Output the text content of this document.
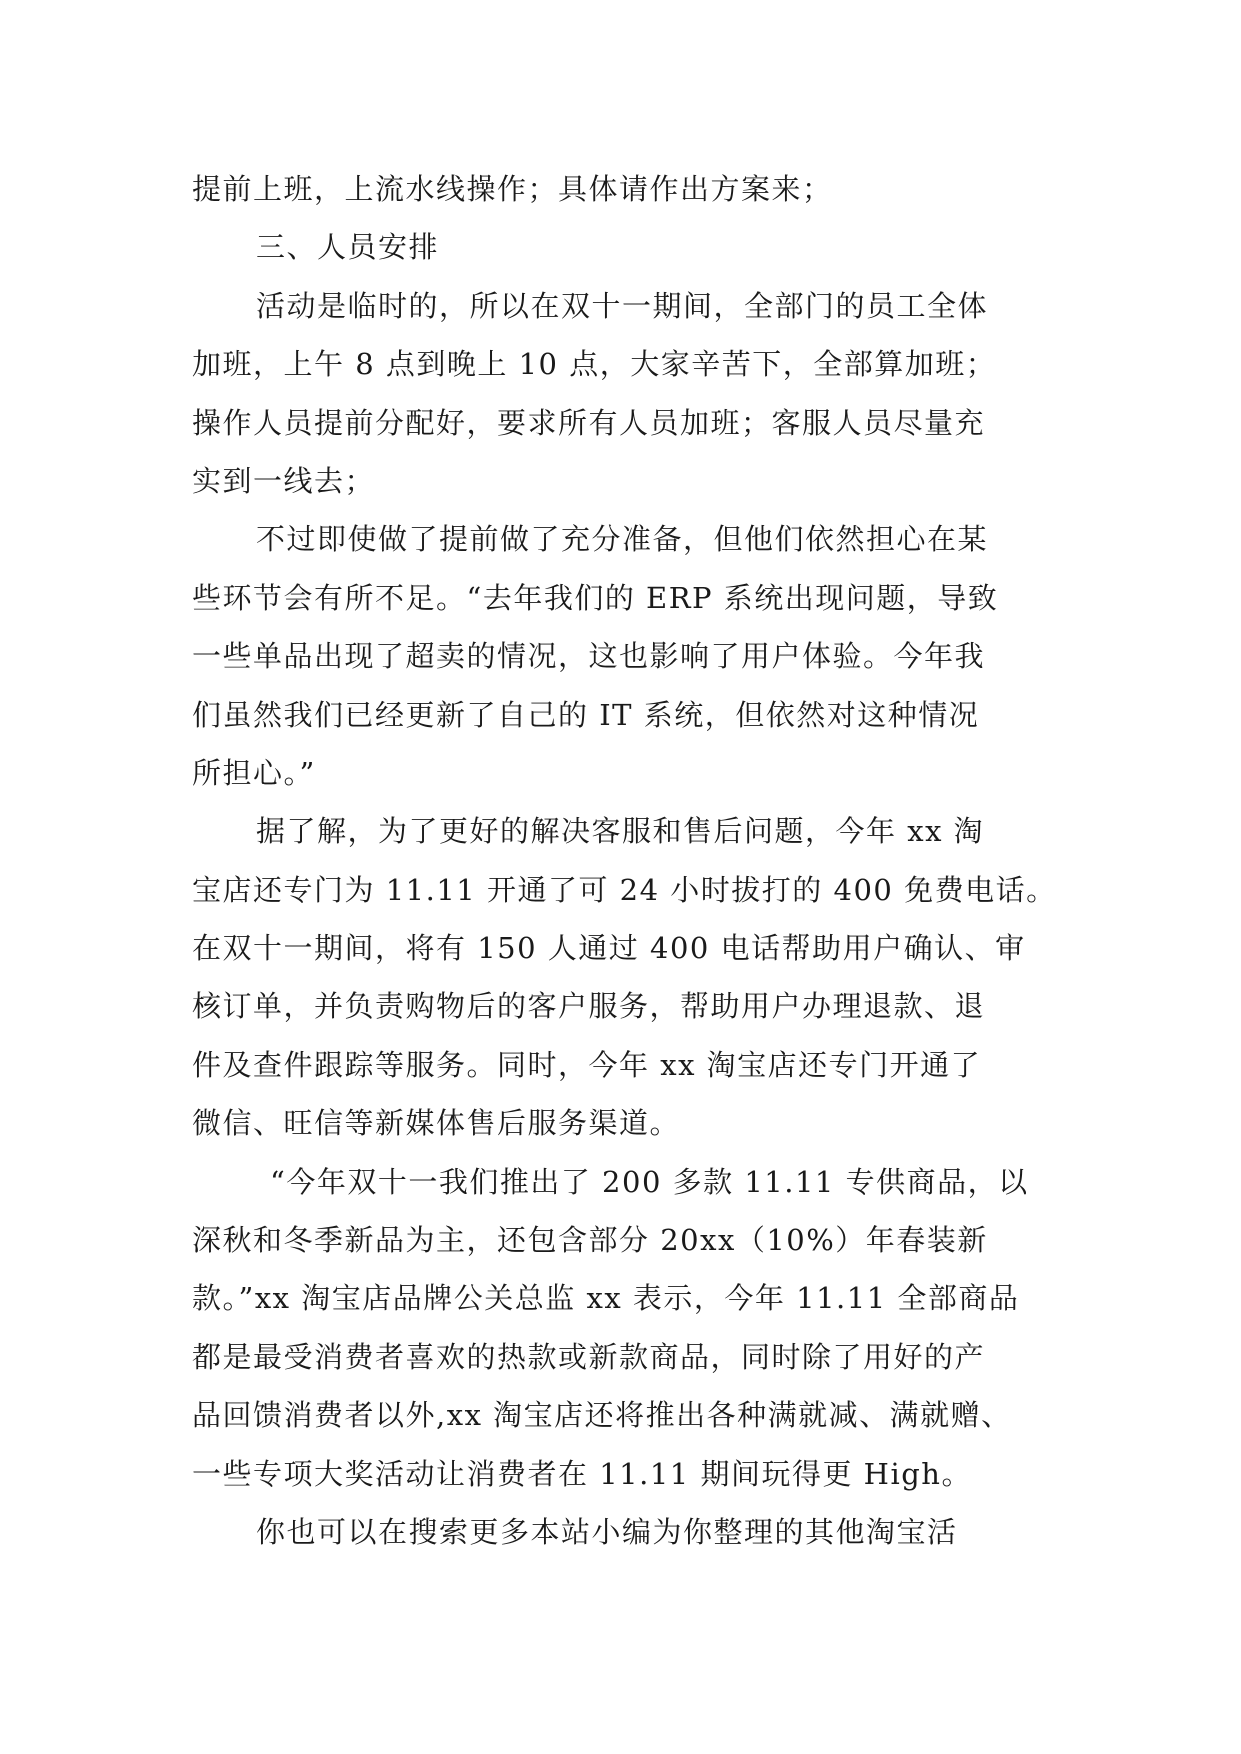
提前上班，上流水线操作；具体请作出方案来；
三、人员安排
活动是临时的，所以在双十一期间，全部门的员工全体
加班，上午 8 点到晚上 10 点，大家辛苦下，全部算加班；
操作人员提前分配好，要求所有人员加班；客服人员尽量充
实到一线去；
不过即使做了提前做了充分准备，但他们依然担心在某
些环节会有所不足。“去年我们的 ERP 系统出现问题，导致
一些单品出现了超卖的情况，这也影响了用户体验。今年我
们虽然我们已经更新了自己的 IT 系统，但依然对这种情况
所担心。”
据了解，为了更好的解决客服和售后问题，今年 xx 淘
宝店还专门为 11.11 开通了可 24 小时拔打的 400 免费电话。
在双十一期间，将有 150 人通过 400 电话帮助用户确认、审
核订单，并负责购物后的客户服务，帮助用户办理退款、退
件及查件跟踪等服务。同时，今年 xx 淘宝店还专门开通了
微信、旺信等新媒体售后服务渠道。
“今年双十一我们推出了 200 多款 11.11 专供商品，以
深秋和冬季新品为主，还包含部分 20xx（10%）年春装新
款。”xx 淘宝店品牌公关总监 xx 表示，今年 11.11 全部商品
都是最受消费者喜欢的热款或新款商品，同时除了用好的产
品回馈消费者以外,xx 淘宝店还将推出各种满就减、满就赠、
一些专项大奖活动让消费者在 11.11 期间玩得更 High。
你也可以在搜索更多本站小编为你整理的其他淘宝活
